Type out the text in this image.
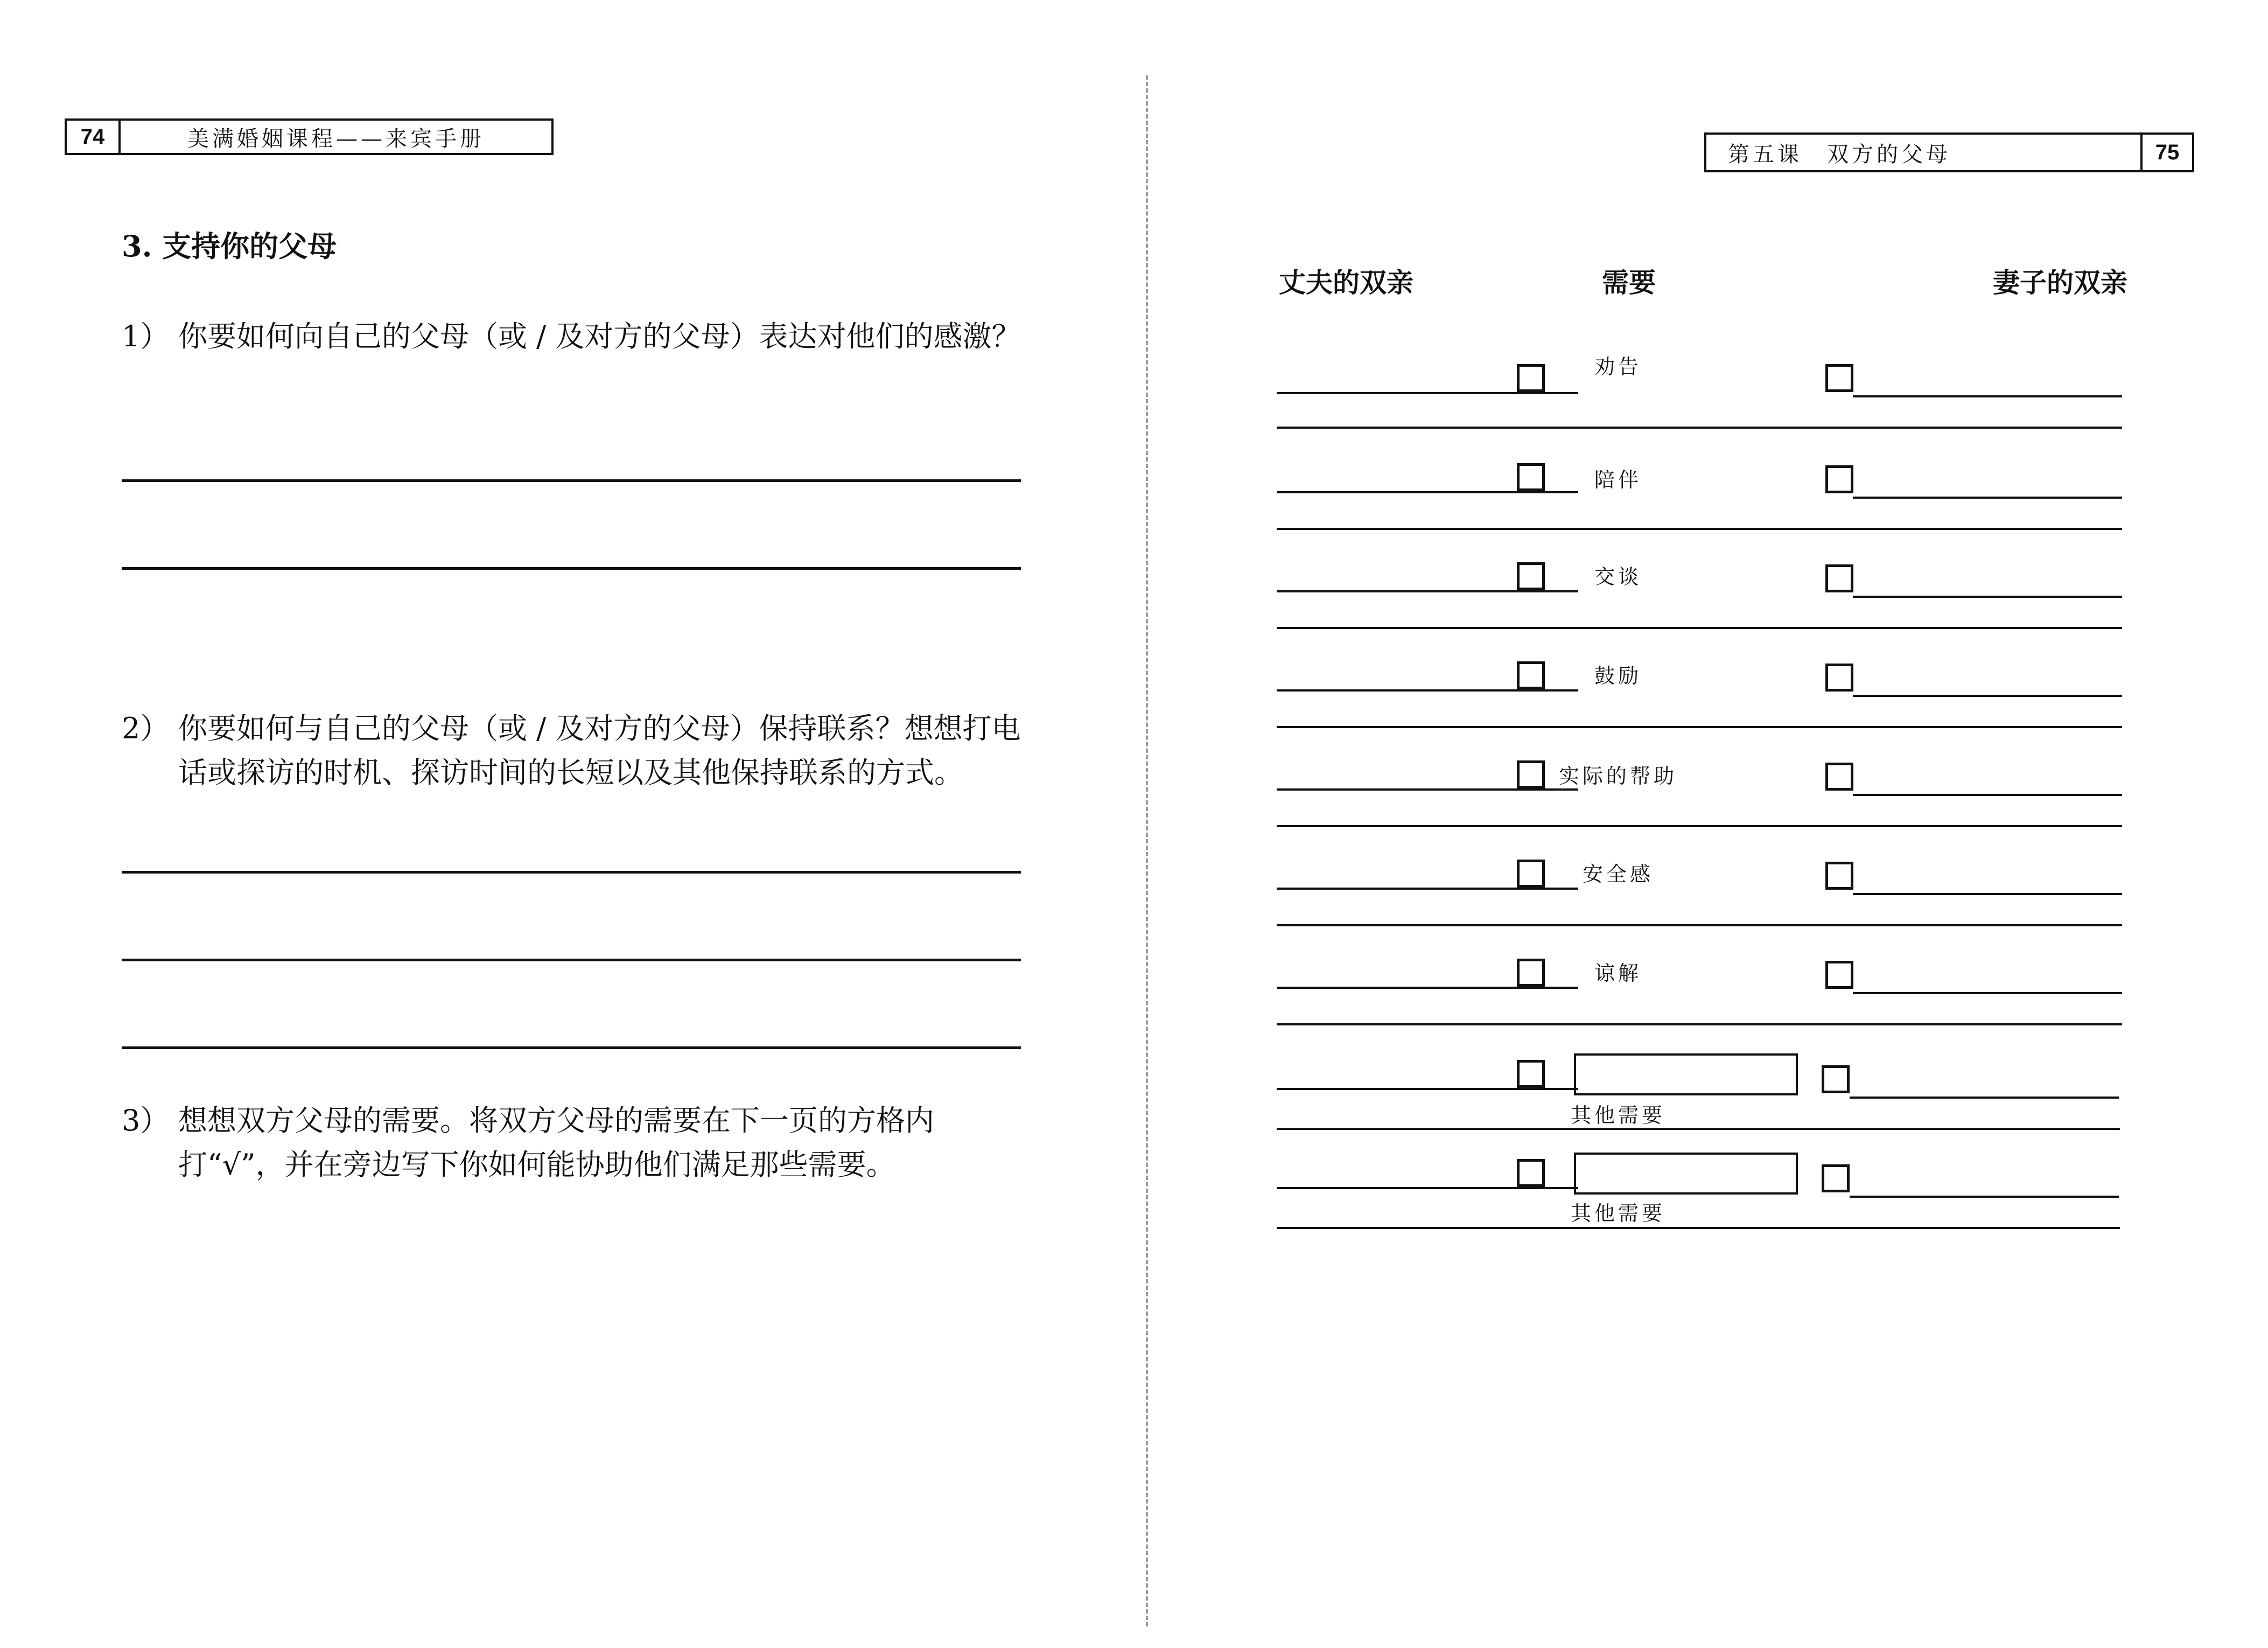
74	美满婚姻课程——来宾手册
3. 支持你的父母
1） 你要如何向自己的父母（或 / 及对方的父母）表达对他们的感激？
2） 你要如何与自己的父母（或 / 及对方的父母）保持联系？想想打电话或探访的时机、探访时间的长短以及其他保持联系的方式。
3） 想想双方父母的需要。将双方父母的需要在下一页的方格内打“√”，并在旁边写下你如何能协助他们满足那些需要。
第五课　双方的父母	75
丈夫的双亲	需要	妻子的双亲
劝告
陪伴
交谈
鼓励
实际的帮助
安全感
谅解
其他需要
其他需要
